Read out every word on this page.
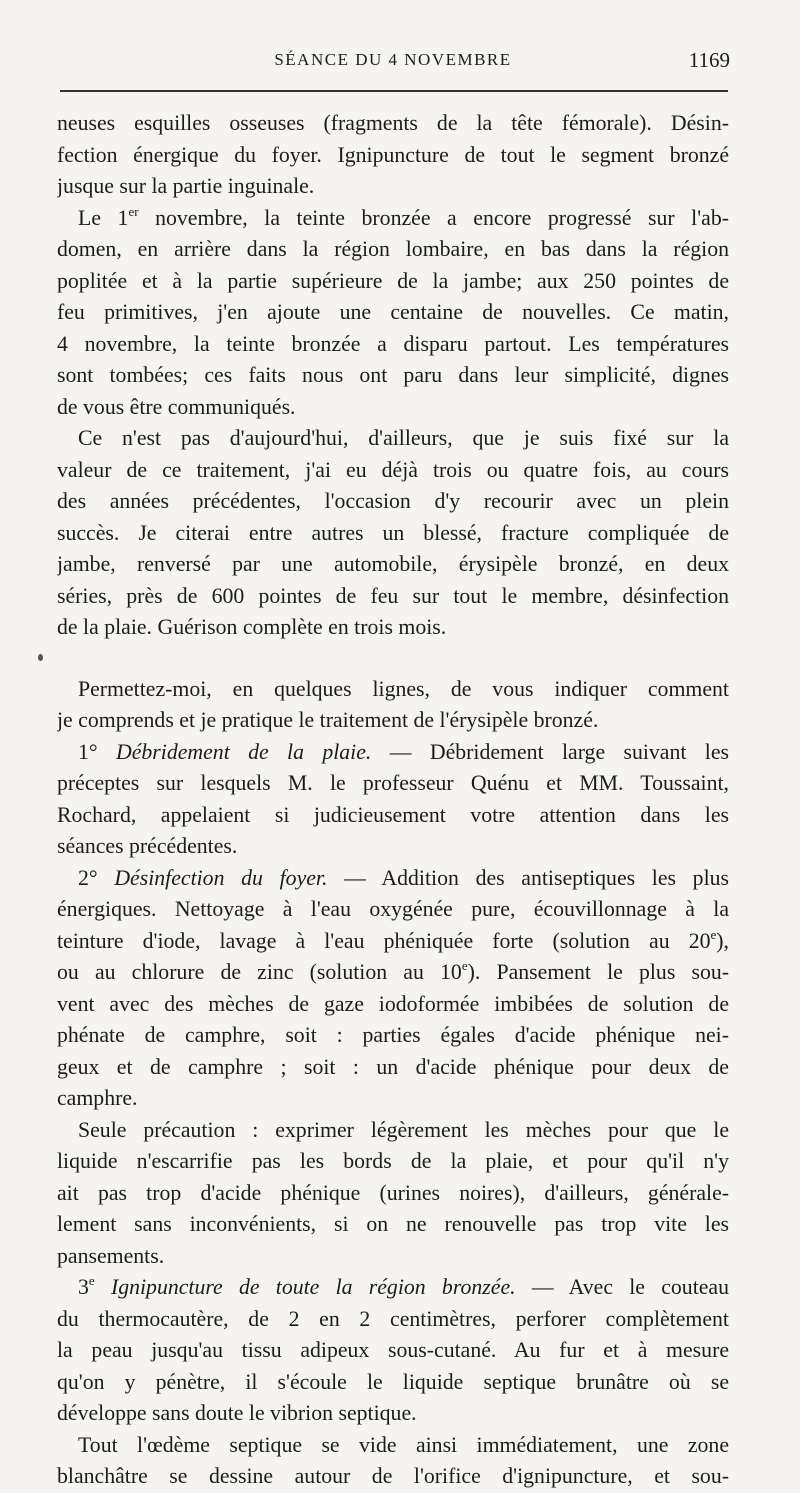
SÉANCE DU 4 NOVEMBRE	1169
neuses esquilles osseuses (fragments de la tête fémorale). Désin-
fection énergique du foyer. Ignipuncture de tout le segment bronzé
jusque sur la partie inguinale.
Le 1er novembre, la teinte bronzée a encore progressé sur l'ab-
domen, en arrière dans la région lombaire, en bas dans la région
poplitée et à la partie supérieure de la jambe; aux 250 pointes de
feu primitives, j'en ajoute une centaine de nouvelles. Ce matin,
4 novembre, la teinte bronzée a disparu partout. Les températures
sont tombées; ces faits nous ont paru dans leur simplicité, dignes
de vous être communiqués.
Ce n'est pas d'aujourd'hui, d'ailleurs, que je suis fixé sur la
valeur de ce traitement, j'ai eu déjà trois ou quatre fois, au cours
des années précédentes, l'occasion d'y recourir avec un plein
succès. Je citerai entre autres un blessé, fracture compliquée de
jambe, renversé par une automobile, érysipèle bronzé, en deux
séries, près de 600 pointes de feu sur tout le membre, désinfection
de la plaie. Guérison complète en trois mois.
Permettez-moi, en quelques lignes, de vous indiquer comment
je comprends et je pratique le traitement de l'érysipèle bronzé.
1° Débridement de la plaie. — Débridement large suivant les
préceptes sur lesquels M. le professeur Quénu et MM. Toussaint,
Rochard, appelaient si judicieusement votre attention dans les
séances précédentes.
2° Désinfection du foyer. — Addition des antiseptiques les plus
énergiques. Nettoyage à l'eau oxygénée pure, écouvillonnage à la
teinture d'iode, lavage à l'eau phéniquée forte (solution au 20e),
ou au chlorure de zinc (solution au 10e). Pansement le plus sou-
vent avec des mèches de gaze iodoformée imbibées de solution de
phénate de camphre, soit : parties égales d'acide phénique nei-
geux et de camphre ; soit : un d'acide phénique pour deux de
camphre.
Seule précaution : exprimer légèrement les mèches pour que le
liquide n'escarrifie pas les bords de la plaie, et pour qu'il n'y
ait pas trop d'acide phénique (urines noires), d'ailleurs, générale-
lement sans inconvénients, si on ne renouvelle pas trop vite les
pansements.
3e Ignipuncture de toute la région bronzée. — Avec le couteau
du thermocautère, de 2 en 2 centimètres, perforer complètement
la peau jusqu'au tissu adipeux sous-cutané. Au fur et à mesure
qu'on y pénètre, il s'écoule le liquide septique brunâtre où se
développe sans doute le vibrion septique.
Tout l'œdème septique se vide ainsi immédiatement, une zone
blanchâtre se dessine autour de l'orifice d'ignipuncture, et sou-
